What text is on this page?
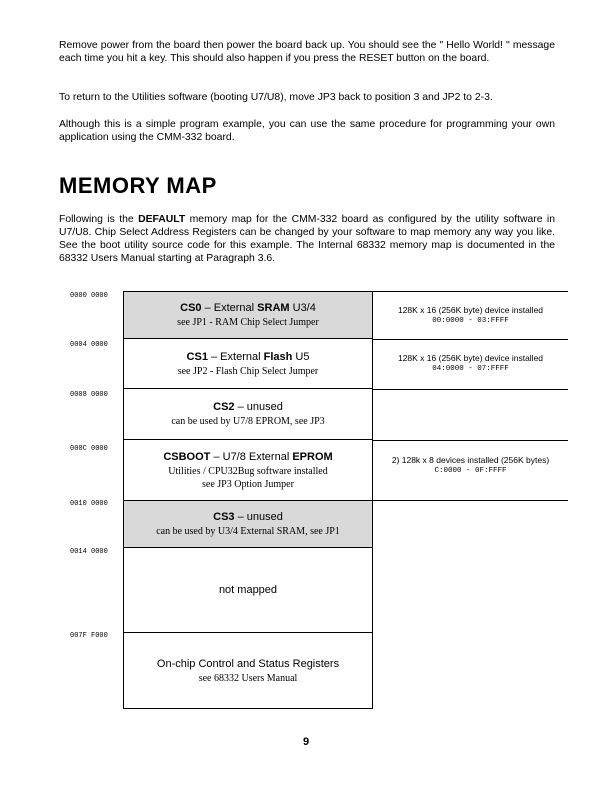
Remove power from the board then power the board back up. You should see the " Hello World! " message each time you hit a key. This should also happen if you press the RESET button on the board.

To return to the Utilities software (booting U7/U8), move JP3 back to position 3 and JP2 to 2-3.

Although this is a simple program example, you can use the same procedure for programming your own application using the CMM-332 board.

MEMORY MAP

Following is the DEFAULT memory map for the CMM-332 board as configured by the utility software in U7/U8. Chip Select Address Registers can be changed by your software to map memory any way you like. See the boot utility source code for this example. The Internal 68332 memory map is documented in the 68332 Users Manual starting at Paragraph 3.6.

0000 0000
0004 0000
0008 0000
000C 0000
0010 0000
0014 0000
007F F000
CS0 – External SRAM U3/4
see JP1 - RAM Chip Select Jumper
CS1 – External Flash U5
see JP2 - Flash Chip Select Jumper
CS2 – unused
can be used by U7/8 EPROM, see JP3
CSBOOT – U7/8 External EPROM
Utilities / CPU32Bug software installed
see JP3 Option Jumper
CS3 – unused
can be used by U3/4 External SRAM, see JP1
not mapped
On-chip Control and Status Registers
see 68332 Users Manual
128K x 16 (256K byte) device installed
00:0000 - 03:FFFF
128K x 16 (256K byte) device installed
04:0000 - 07:FFFF
2) 128k x 8 devices installed (256K bytes)
C:0000 - 0F:FFFF
9
